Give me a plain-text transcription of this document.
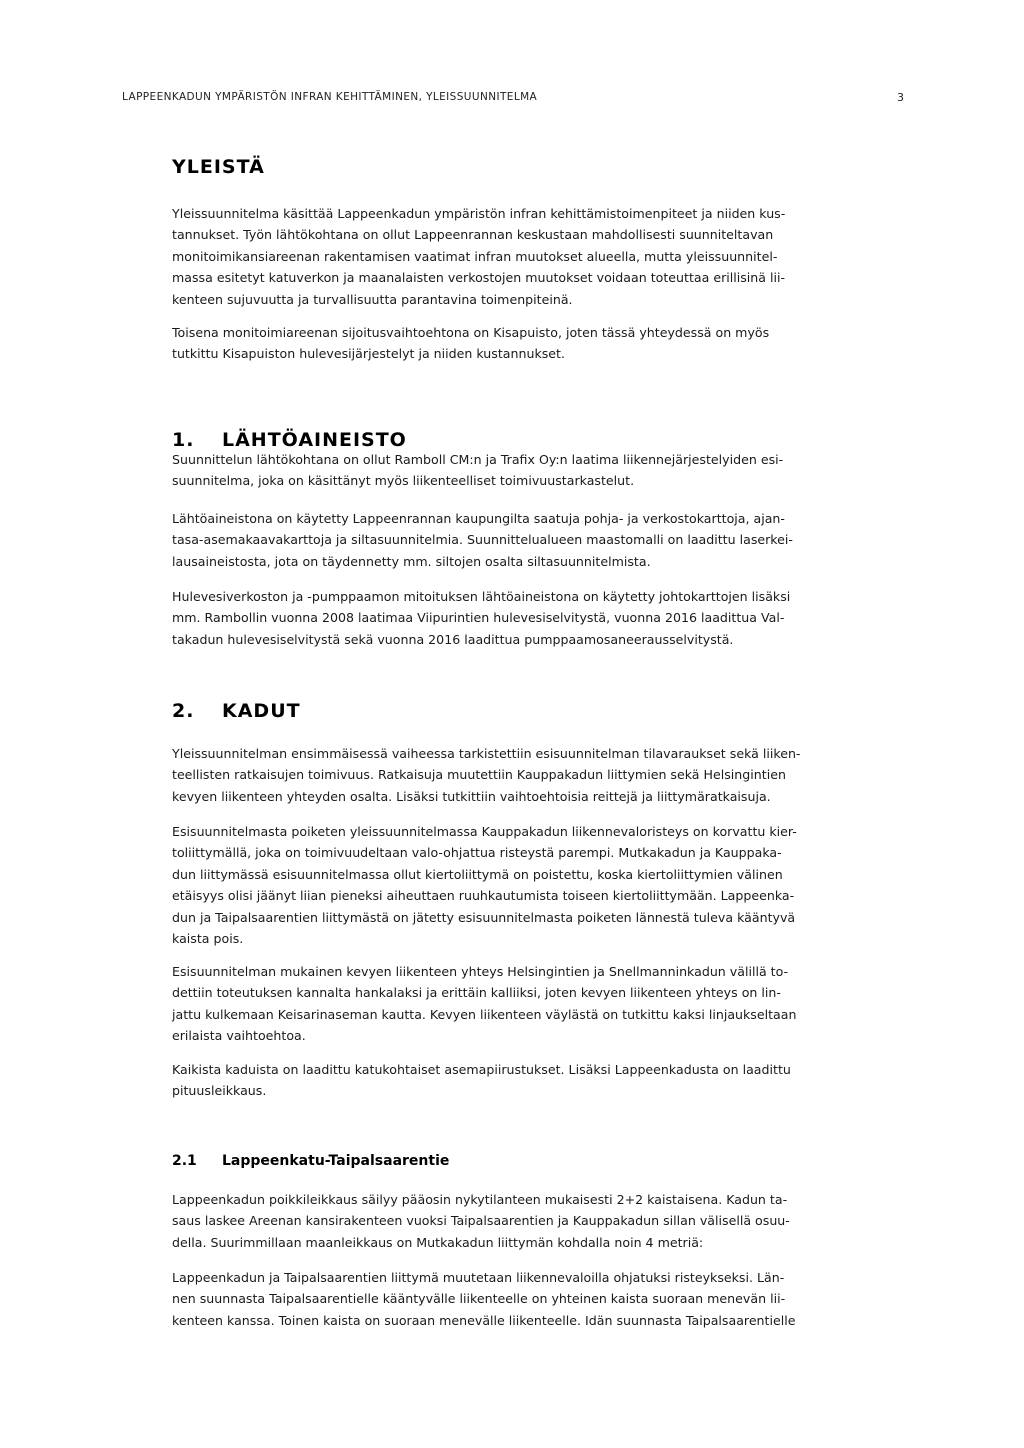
LAPPEENKADUN YMPÄRISTÖN INFRAN KEHITTÄMINEN, YLEISSUUNNITELMA	3
YLEISTÄ
Yleissuunnitelma käsittää Lappeenkadun ympäristön infran kehittämistoimenpiteet ja niiden kus-
tannukset. Työn lähtökohtana on ollut Lappeenrannan keskustaan mahdollisesti suunniteltavan
monitoimikansiareenan rakentamisen vaatimat infran muutokset alueella, mutta yleissuunnitel-
massa esitetyt katuverkon ja maanalaisten verkostojen muutokset voidaan toteuttaa erillisinä lii-
kenteen sujuvuutta ja turvallisuutta parantavina toimenpiteinä.
Toisena monitoimiareenan sijoitusvaihtoehtona on Kisapuisto, joten tässä yhteydessä on myös
tutkittu Kisapuiston hulevesijärjestelyt ja niiden kustannukset.
1. LÄHTÖAINEISTO
Suunnittelun lähtökohtana on ollut Ramboll CM:n ja Trafix Oy:n laatima liikennejärjestelyiden esi-
suunnitelma, joka on käsittänyt myös liikenteelliset toimivuustarkastelut.
Lähtöaineistona on käytetty Lappeenrannan kaupungilta saatuja pohja- ja verkostokarttoja, ajan-
tasa-asemakaavakarttoja ja siltasuunnitelmia. Suunnittelualueen maastomalli on laadittu laserkei-
lausaineistosta, jota on täydennetty mm. siltojen osalta siltasuunnitelmista.
Hulevesiverkoston ja -pumppaamon mitoituksen lähtöaineistona on käytetty johtokarttojen lisäksi
mm. Rambollin vuonna 2008 laatimaa Viipurintien hulevesiselvitystä, vuonna 2016 laadittua Val-
takadun hulevesiselvitystä sekä vuonna 2016 laadittua pumppaamosaneerausselvitystä.
2. KADUT
Yleissuunnitelman ensimmäisessä vaiheessa tarkistettiin esisuunnitelman tilavaraukset sekä liiken-
teellisten ratkaisujen toimivuus. Ratkaisuja muutettiin Kauppakadun liittymien sekä Helsingintien
kevyen liikenteen yhteyden osalta. Lisäksi tutkittiin vaihtoehtoisia reittejä ja liittymäratkaisuja.
Esisuunnitelmasta poiketen yleissuunnitelmassa Kauppakadun liikennevaloristeys on korvattu kier-
toliittymällä, joka on toimivuudeltaan valo-ohjattua risteystä parempi. Mutkakadun ja Kauppaka-
dun liittymässä esisuunnitelmassa ollut kiertoliittymä on poistettu, koska kiertoliittymien välinen
etäisyys olisi jäänyt liian pieneksi aiheuttaen ruuhkautumista toiseen kiertoliittymään. Lappeenka-
dun ja Taipalsaarentien liittymästä on jätetty esisuunnitelmasta poiketen lännestä tuleva kääntyvä
kaista pois.
Esisuunnitelman mukainen kevyen liikenteen yhteys Helsingintien ja Snellmanninkadun välillä to-
dettiin toteutuksen kannalta hankalaksi ja erittäin kalliiksi, joten kevyen liikenteen yhteys on lin-
jattu kulkemaan Keisarinaseman kautta. Kevyen liikenteen väylästä on tutkittu kaksi linjaukseltaan
erilaista vaihtoehtoa.
Kaikista kaduista on laadittu katukohtaiset asemapiirustukset. Lisäksi Lappeenkadusta on laadittu
pituusleikkaus.
2.1 Lappeenkatu-Taipalsaarentie
Lappeenkadun poikkileikkaus säilyy pääosin nykytilanteen mukaisesti 2+2 kaistaisena. Kadun ta-
saus laskee Areenan kansirakenteen vuoksi Taipalsaarentien ja Kauppakadun sillan välisellä osuu-
della. Suurimmillaan maanleikkaus on Mutkakadun liittymän kohdalla noin 4 metriä:
Lappeenkadun ja Taipalsaarentien liittymä muutetaan liikennevaloilla ohjatuksi risteykseksi. Län-
nen suunnasta Taipalsaarentielle kääntyvälle liikenteelle on yhteinen kaista suoraan menevän lii-
kenteen kanssa. Toinen kaista on suoraan menevälle liikenteelle. Idän suunnasta Taipalsaarentielle
